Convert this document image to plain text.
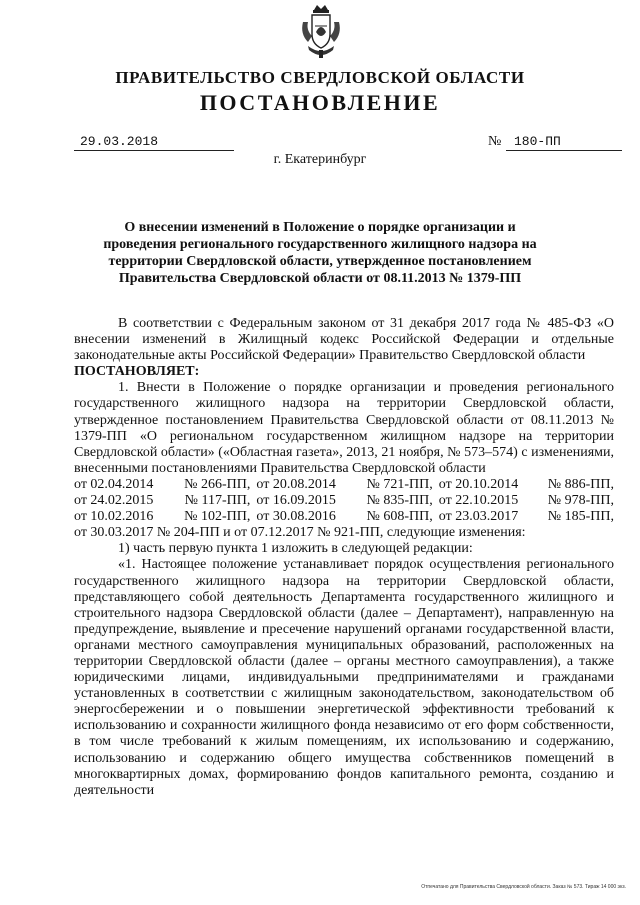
ПРАВИТЕЛЬСТВО СВЕРДЛОВСКОЙ ОБЛАСТИ
ПОСТАНОВЛЕНИЕ
29.03.2018	№ 180-ПП
г. Екатеринбург
О внесении изменений в Положение о порядке организации и проведения регионального государственного жилищного надзора на территории Свердловской области, утвержденное постановлением Правительства Свердловской области от 08.11.2013 № 1379-ПП

В соответствии с Федеральным законом от 31 декабря 2017 года № 485-ФЗ «О внесении изменений в Жилищный кодекс Российской Федерации и отдельные законодательные акты Российской Федерации» Правительство Свердловской области

ПОСТАНОВЛЯЕТ:

1. Внести в Положение о порядке организации и проведения регионального государственного жилищного надзора на территории Свердловской области, утвержденное постановлением Правительства Свердловской области от 08.11.2013 № 1379-ПП «О региональном государственном жилищном надзоре на территории Свердловской области» («Областная газета», 2013, 21 ноября, № 573–574) с изменениями, внесенными постановлениями Правительства Свердловской области

от 02.04.2014	№ 266-ПП,	от 20.08.2014	№ 721-ПП,	от 20.10.2014	№ 886-ПП,
от 24.02.2015	№ 117-ПП,	от 16.09.2015	№ 835-ПП,	от 22.10.2015	№ 978-ПП,
от 10.02.2016	№ 102-ПП,	от 30.08.2016	№ 608-ПП,	от 23.03.2017	№ 185-ПП,

от 30.03.2017 № 204-ПП и от 07.12.2017 № 921-ПП, следующие изменения:

1) часть первую пункта 1 изложить в следующей редакции:

«1. Настоящее положение устанавливает порядок осуществления регионального государственного жилищного надзора на территории Свердловской области, представляющего собой деятельность Департамента государственного жилищного и строительного надзора Свердловской области (далее – Департамент), направленную на предупреждение, выявление и пресечение нарушений органами государственной власти, органами местного самоуправления муниципальных образований, расположенных на территории Свердловской области (далее – органы местного самоуправления), а также юридическими лицами, индивидуальными предпринимателями и гражданами установленных в соответствии с жилищным законодательством, законодательством об энергосбережении и о повышении энергетической эффективности требований к использованию и сохранности жилищного фонда независимо от его форм собственности, в том числе требований к жилым помещениям, их использованию и содержанию, использованию и содержанию общего имущества собственников помещений в многоквартирных домах, формированию фондов капитального ремонта, созданию и деятельности

Отпечатано для Правительства Свердловской области. Заказ № 573. Тираж 14 000 экз.
